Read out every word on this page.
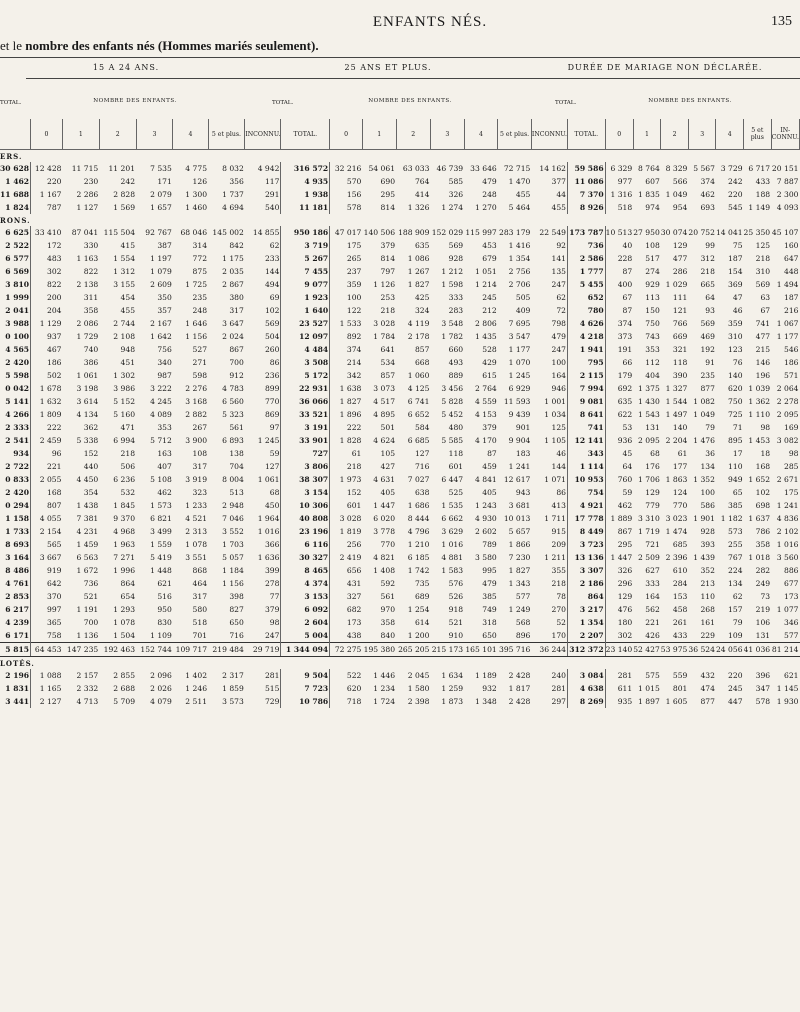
ENFANTS NÉS.	135
et le nombre des enfants nés (Hommes mariés seulement).
15 A 24 ANS.	25 ANS ET PLUS.	DURÉE DE MARIAGE NON DÉCLARÉE.
TOTAL.	NOMBRE DES ENFANTS.	TOTAL.	NOMBRE DES ENFANTS.	TOTAL.	NOMBRE DES ENFANTS.
	0	1	2	3	4	5 et plus.	INCONNU.	TOTAL.	0	1	2	3	4	5 et plus.	INCONNU.	TOTAL.	0	1	2	3	4	5 et plus	IN-CONNU.
ERS.																							
30 628	12 428	11 715	11 201	7 535	4 775	8 032	4 942	316 572	32 216	54 061	63 033	46 739	33 646	72 715	14 162	59 586	6 329	8 764	8 329	5 567	3 729	6 717	20 151
1 462	220	230	242	171	126	356	117	4 935	570	690	764	585	479	1 470	377	11 086	977	607	566	374	242	433	7 887
11 688	1 167	2 286	2 828	2 079	1 300	1 737	291	1 938	156	295	414	326	248	455	44	7 370	1 316	1 835	1 049	462	220	188	2 300
1 824	787	1 127	1 569	1 657	1 460	4 694	540	11 181	578	814	1 326	1 274	1 270	5 464	455	8 926	518	974	954	693	545	1 149	4 093
RONS.																							
6 625	33 410	87 041	115 504	92 767	68 046	145 002	14 855	950 186	47 017	140 506	188 909	152 029	115 997	283 179	22 549	173 787	10 513	27 950	30 074	20 752	14 041	25 350	45 107
2 522	172	330	415	387	314	842	62	3 719	175	379	635	569	453	1 416	92	736	40	108	129	99	75	125	160
6 577	483	1 163	1 554	1 197	772	1 175	233	5 267	265	814	1 086	928	679	1 354	141	2 586	228	517	477	312	187	218	647
6 569	302	822	1 312	1 079	875	2 035	144	7 455	237	797	1 267	1 212	1 051	2 756	135	1 777	87	274	286	218	154	310	448
3 810	822	2 138	3 155	2 609	1 725	2 867	494	9 077	359	1 126	1 827	1 598	1 214	2 706	247	5 455	400	929	1 029	665	369	569	1 494
1 999	200	311	454	350	235	380	69	1 923	100	253	425	333	245	505	62	652	67	113	111	64	47	63	187
2 041	204	358	455	357	248	317	102	1 640	122	218	324	283	212	409	72	780	87	150	121	93	46	67	216
3 988	1 129	2 086	2 744	2 167	1 646	3 647	569	23 527	1 533	3 028	4 119	3 548	2 806	7 695	798	4 626	374	750	766	569	359	741	1 067
0 100	937	1 729	2 108	1 642	1 156	2 024	504	12 097	892	1 784	2 178	1 782	1 435	3 547	479	4 218	373	743	669	469	310	477	1 177
4 565	467	740	948	756	527	867	260	4 484	374	641	857	660	528	1 177	247	1 941	191	353	321	192	123	215	546
2 420	186	386	451	340	271	700	86	3 508	214	534	668	493	429	1 070	100	795	66	112	118	91	76	146	186
5 598	502	1 061	1 302	987	598	912	236	5 172	342	857	1 060	889	615	1 245	164	2 115	179	404	390	235	140	196	571
0 042	1 678	3 198	3 986	3 222	2 276	4 783	899	22 931	1 638	3 073	4 125	3 456	2 764	6 929	946	7 994	692	1 375	1 327	877	620	1 039	2 064
5 141	1 632	3 614	5 152	4 245	3 168	6 560	770	36 066	1 827	4 517	6 741	5 828	4 559	11 593	1 001	9 081	635	1 430	1 544	1 082	750	1 362	2 278
4 266	1 809	4 134	5 160	4 089	2 882	5 323	869	33 521	1 896	4 895	6 652	5 452	4 153	9 439	1 034	8 641	622	1 543	1 497	1 049	725	1 110	2 095
2 333	222	362	471	353	267	561	97	3 191	222	501	584	480	379	901	125	741	53	131	140	79	71	98	169
2 541	2 459	5 338	6 994	5 712	3 900	6 893	1 245	33 901	1 828	4 624	6 685	5 585	4 170	9 904	1 105	12 141	936	2 095	2 204	1 476	895	1 453	3 082
934	96	152	218	163	108	138	59	727	61	105	127	118	87	183	46	343	45	68	61	36	17	18	98
2 722	221	440	506	407	317	704	127	3 806	218	427	716	601	459	1 241	144	1 114	64	176	177	134	110	168	285
0 833	2 055	4 450	6 236	5 108	3 919	8 004	1 061	38 307	1 973	4 631	7 027	6 447	4 841	12 617	1 071	10 953	760	1 706	1 863	1 352	949	1 652	2 671
2 420	168	354	532	462	323	513	68	3 154	152	405	638	525	405	943	86	754	59	129	124	100	65	102	175
0 294	807	1 438	1 845	1 573	1 233	2 948	450	10 306	601	1 447	1 686	1 535	1 243	3 681	413	4 921	462	779	770	586	385	698	1 241
1 158	4 055	7 381	9 370	6 821	4 521	7 046	1 964	40 808	3 028	6 020	8 444	6 662	4 930	10 013	1 711	17 778	1 889	3 310	3 023	1 901	1 182	1 637	4 836
1 733	2 154	4 231	4 968	3 499	2 313	3 552	1 016	23 196	1 819	3 778	4 796	3 629	2 602	5 657	915	8 449	867	1 719	1 474	928	573	786	2 102
8 693	565	1 459	1 963	1 559	1 078	1 703	366	6 116	256	770	1 210	1 016	789	1 866	209	3 723	295	721	685	393	255	358	1 016
3 164	3 667	6 563	7 271	5 419	3 551	5 057	1 636	30 327	2 419	4 821	6 185	4 881	3 580	7 230	1 211	13 136	1 447	2 509	2 396	1 439	767	1 018	3 560
8 486	919	1 672	1 996	1 448	868	1 184	399	8 465	656	1 408	1 742	1 583	995	1 827	355	3 307	326	627	610	352	224	282	886
4 761	642	736	864	621	464	1 156	278	4 374	431	592	735	576	479	1 343	218	2 186	296	333	284	213	134	249	677
2 853	370	521	654	516	317	398	77	3 153	327	561	689	526	385	577	78	864	129	164	153	110	62	73	173
6 217	997	1 191	1 293	950	580	827	379	6 092	682	970	1 254	918	749	1 249	270	3 217	476	562	458	268	157	219	1 077
4 239	365	700	1 078	830	518	650	98	2 604	173	358	614	521	318	568	52	1 354	180	221	261	161	79	106	346
6 171	758	1 136	1 504	1 109	701	716	247	5 004	438	840	1 200	910	650	896	170	2 207	302	426	433	229	109	131	577
5 815	64 453	147 235	192 463	152 744	109 717	219 484	29 719	1 344 094	72 275	195 380	265 205	215 173	165 101	395 716	36 244	312 372	23 140	52 427	53 975	36 524	24 056	41 036	81 214
LOTÉS.																							
2 196	1 088	2 157	2 855	2 096	1 402	2 317	281	9 504	522	1 446	2 045	1 634	1 189	2 428	240	3 084	281	575	559	432	220	396	621
1 831	1 165	2 332	2 688	2 026	1 246	1 859	515	7 723	620	1 234	1 580	1 259	932	1 817	281	4 638	611	1 015	801	474	245	347	1 145
3 441	2 127	4 713	5 709	4 079	2 511	3 573	729	10 786	718	1 724	2 398	1 873	1 348	2 428	297	8 269	935	1 897	1 605	877	447	578	1 930
